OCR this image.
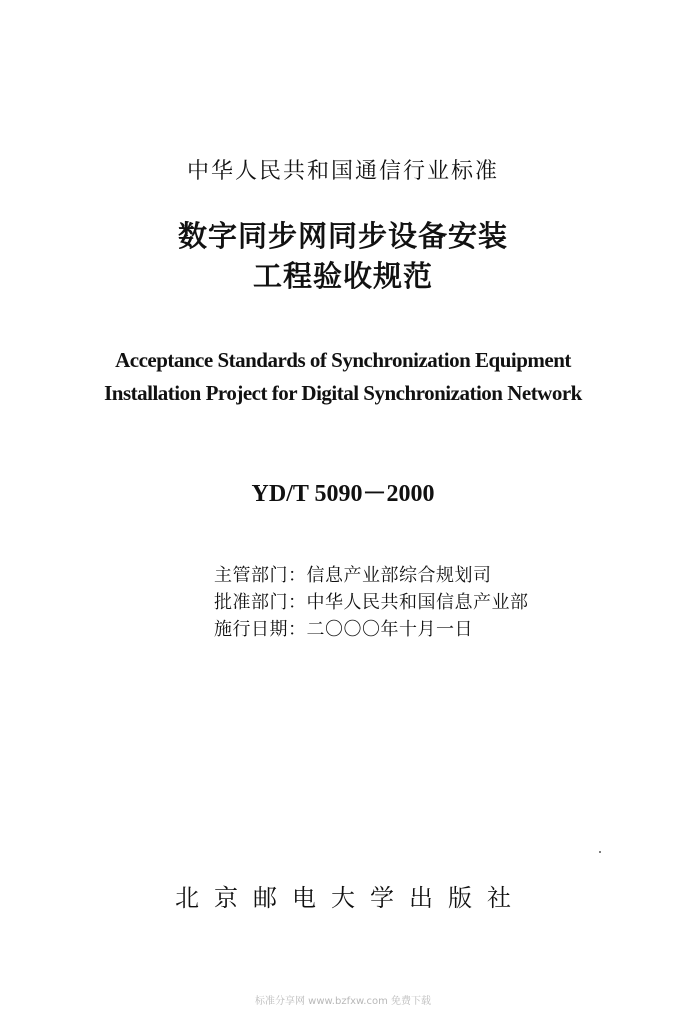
中华人民共和国通信行业标准
数字同步网同步设备安装
工程验收规范
Acceptance Standards of Synchronization Equipment
Installation Project for Digital Synchronization Network
YD/T 5090－2000
主管部门：信息产业部综合规划司
批准部门：中华人民共和国信息产业部
施行日期：二〇〇〇年十月一日
北京邮电大学出版社
标准分享网 www.bzfxw.com 免费下载
